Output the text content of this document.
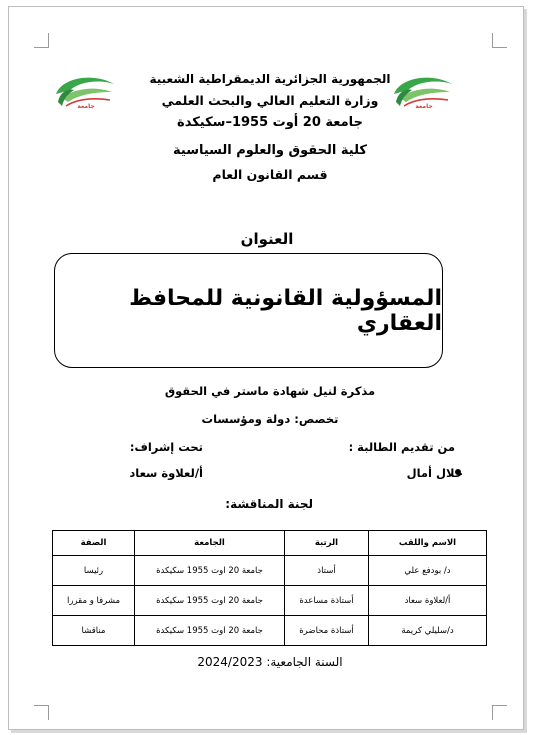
ﺟﺎﻣﻌﺔ	ﺟﺎﻣﻌﺔ
الجمهورية الجزائرية الديمقراطية الشعبية
وزارة التعليم العالي والبحث العلمي
جامعة 20 أوت 1955–سكيكدة
كلية الحقوق والعلوم السياسية
قسم القانون العام
العنوان
المسؤولية القانونية للمحافظ العقاري
مذكرة لنيل شهادة ماستر في الحقوق
تخصص: دولة ومؤسسات
من تقديم الطالبة :
تحت إشراف:
خلال أمال
أ/لعلاوة سعاد
لجنة المناقشة:
الاسم واللقب	الرتبة	الجامعة	الصفة
د/ بودفع علي	أستاذ	جامعة 20 اوت 1955 سكيكدة	رئيسا
أ/لعلاوة سعاد	أستاذة مساعدة	جامعة 20 اوت 1955 سكيكدة	مشرفا و مقررا
د/سليلي كريمة	أستاذة محاضرة	جامعة 20 اوت 1955 سكيكدة	مناقشا
السنة الجامعية: 2024/2023
